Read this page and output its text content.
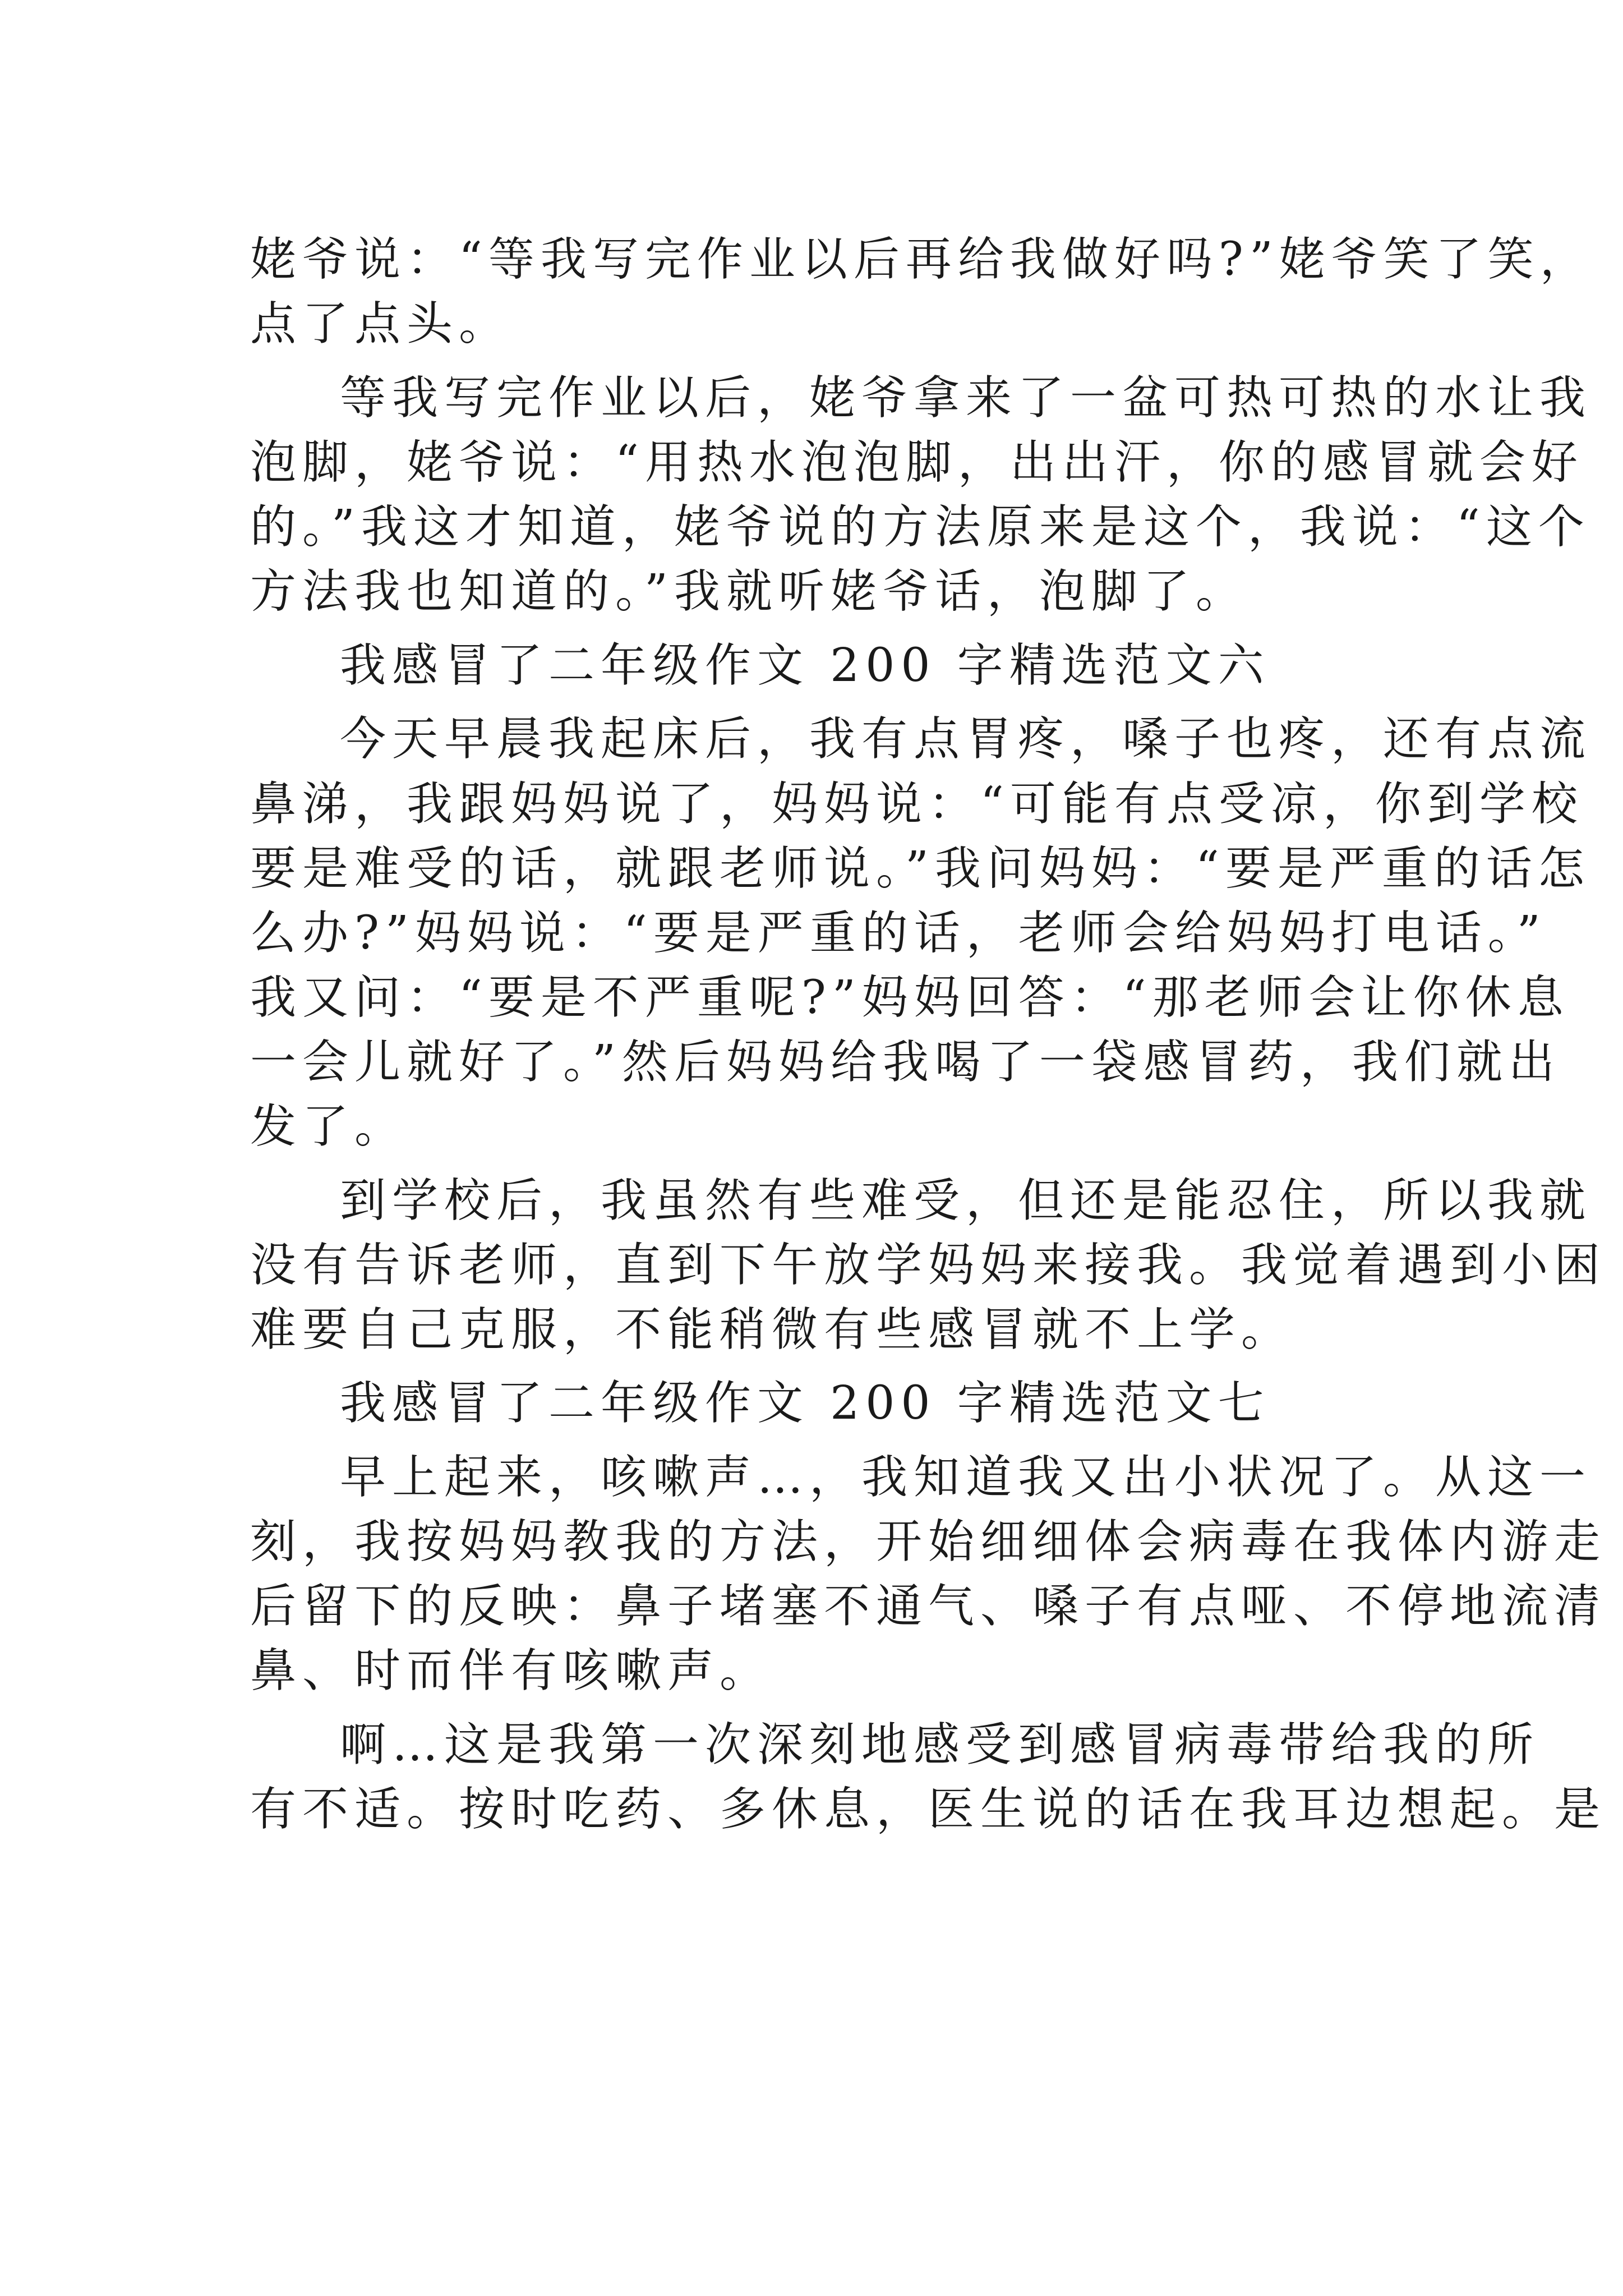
姥爷说：“等我写完作业以后再给我做好吗?”姥爷笑了笑，
点了点头。
等我写完作业以后，姥爷拿来了一盆可热可热的水让我
泡脚，姥爷说：“用热水泡泡脚，出出汗，你的感冒就会好
的。”我这才知道，姥爷说的方法原来是这个，我说：“这个
方法我也知道的。”我就听姥爷话，泡脚了。
我感冒了二年级作文 200 字精选范文六
今天早晨我起床后，我有点胃疼，嗓子也疼，还有点流
鼻涕，我跟妈妈说了，妈妈说：“可能有点受凉，你到学校
要是难受的话，就跟老师说。”我问妈妈：“要是严重的话怎
么办?”妈妈说：“要是严重的话，老师会给妈妈打电话。”
我又问：“要是不严重呢?”妈妈回答：“那老师会让你休息
一会儿就好了。”然后妈妈给我喝了一袋感冒药，我们就出
发了。
到学校后，我虽然有些难受，但还是能忍住，所以我就
没有告诉老师，直到下午放学妈妈来接我。我觉着遇到小困
难要自己克服，不能稍微有些感冒就不上学。
我感冒了二年级作文 200 字精选范文七
早上起来，咳嗽声…，我知道我又出小状况了。从这一
刻，我按妈妈教我的方法，开始细细体会病毒在我体内游走
后留下的反映：鼻子堵塞不通气、嗓子有点哑、不停地流清
鼻、时而伴有咳嗽声。
啊…这是我第一次深刻地感受到感冒病毒带给我的所
有不适。按时吃药、多休息，医生说的话在我耳边想起。是
